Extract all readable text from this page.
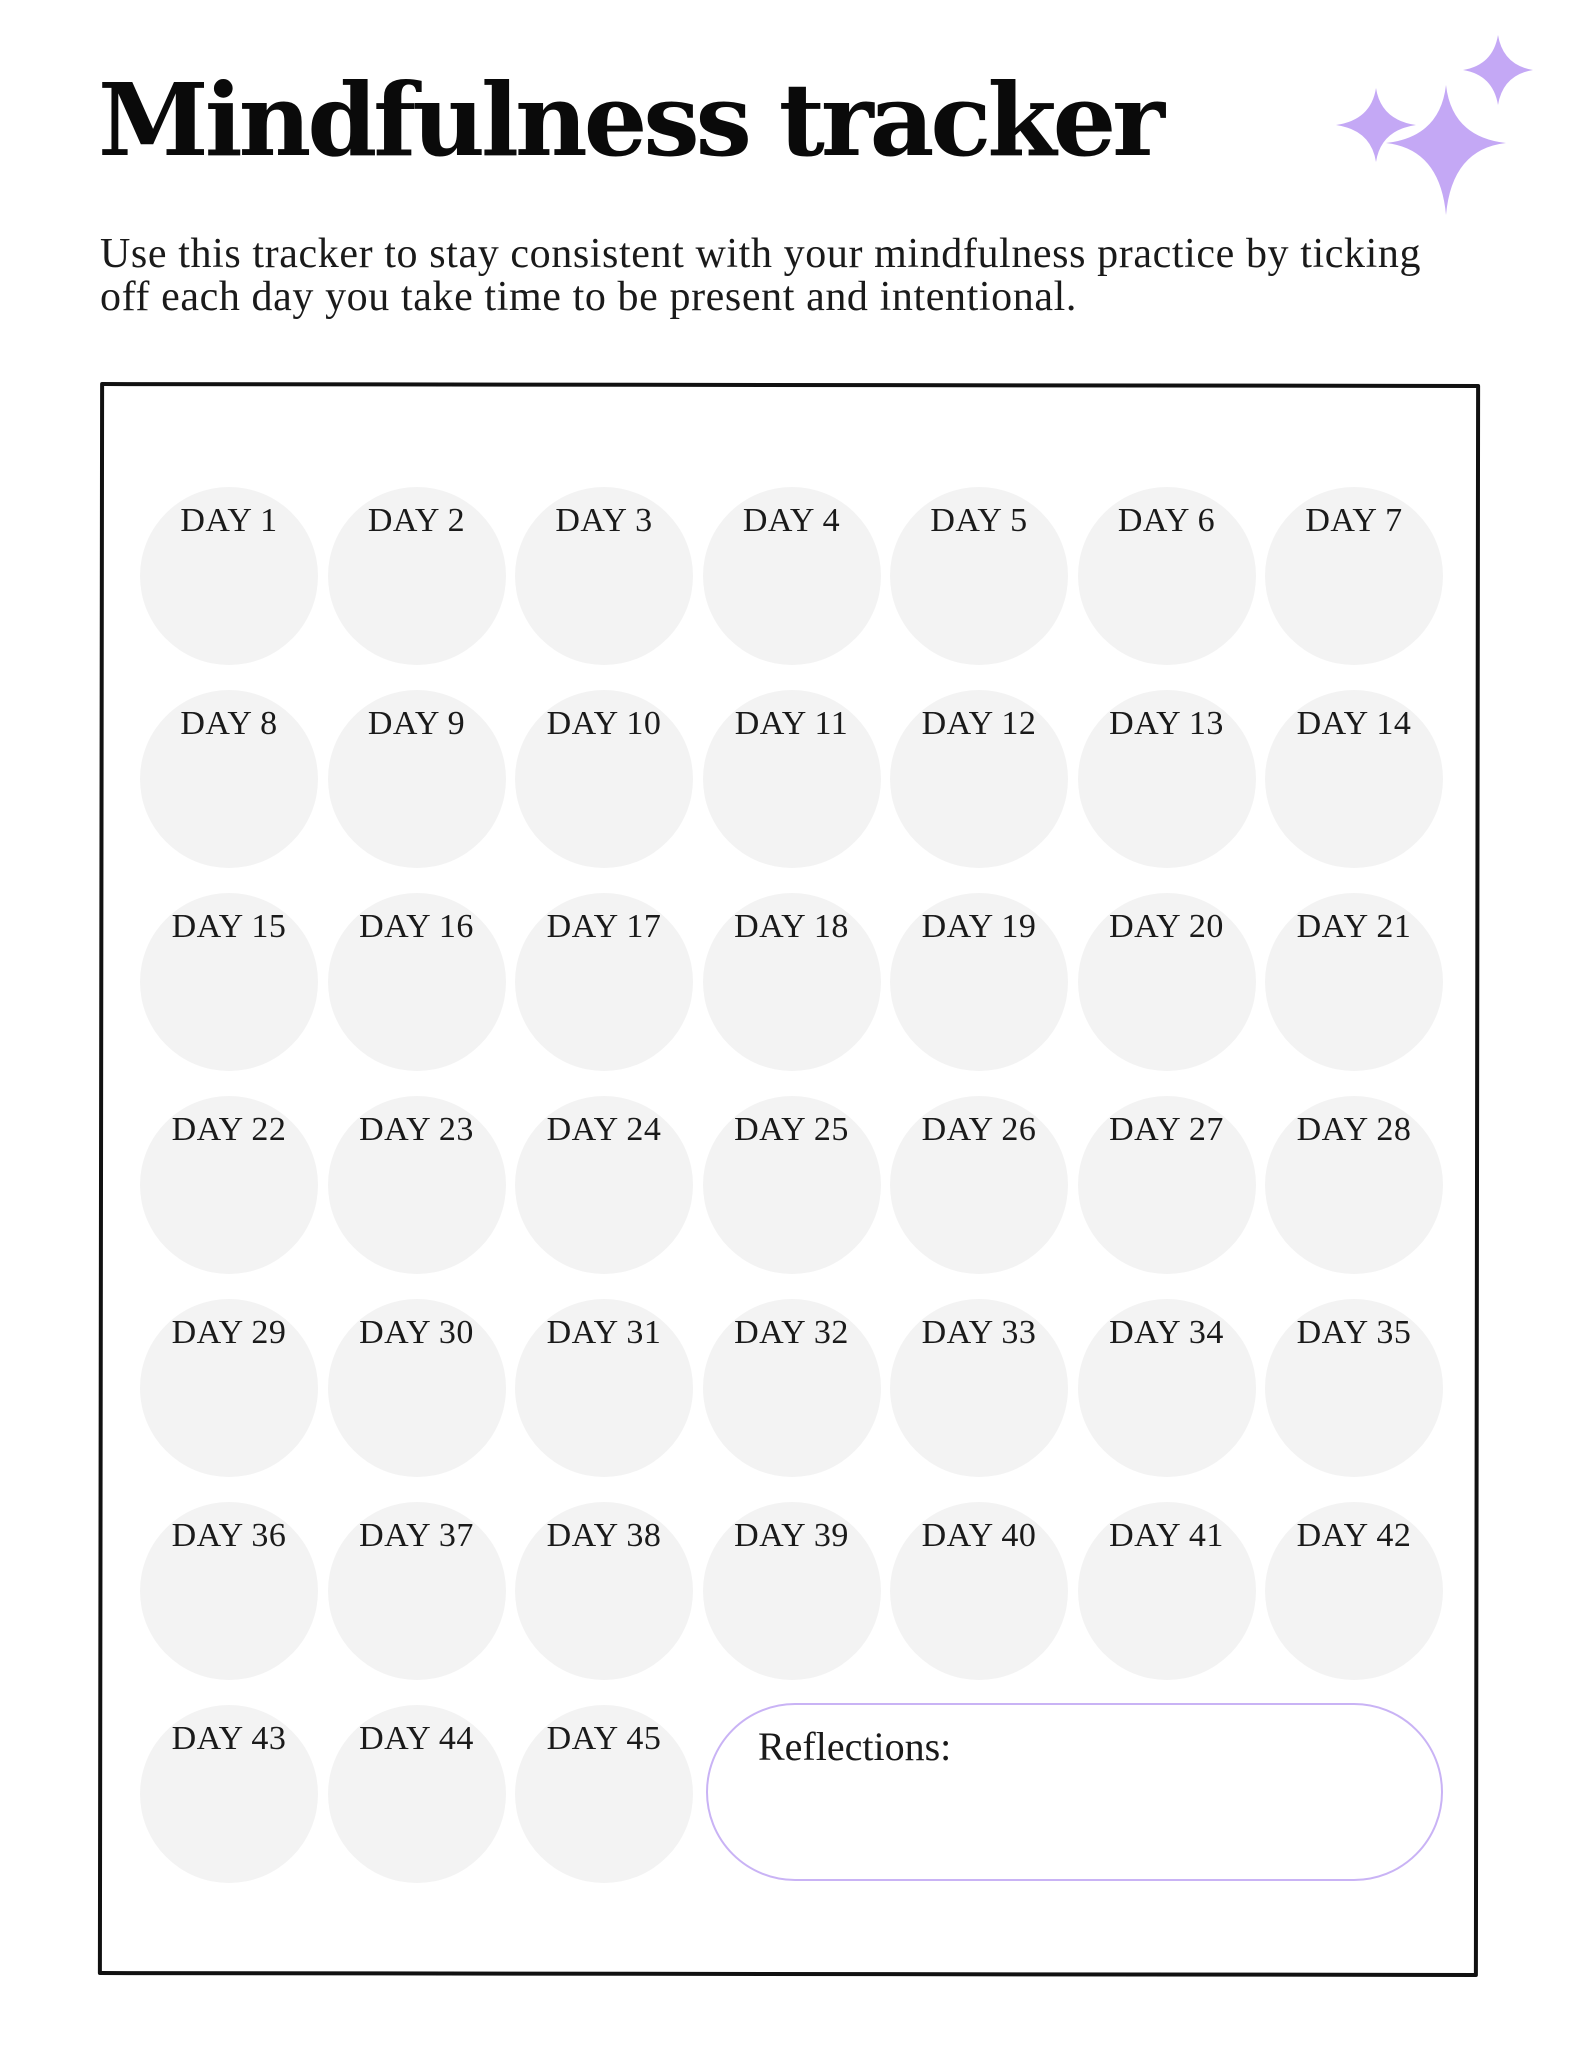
Mindfulness tracker
Use this tracker to stay consistent with your mindfulness practice by ticking off each day you take time to be present and intentional.
DAY 1	DAY 2	DAY 3	DAY 4	DAY 5	DAY 6	DAY 7
DAY 8	DAY 9	DAY 10	DAY 11	DAY 12	DAY 13	DAY 14
DAY 15	DAY 16	DAY 17	DAY 18	DAY 19	DAY 20	DAY 21
DAY 22	DAY 23	DAY 24	DAY 25	DAY 26	DAY 27	DAY 28
DAY 29	DAY 30	DAY 31	DAY 32	DAY 33	DAY 34	DAY 35
DAY 36	DAY 37	DAY 38	DAY 39	DAY 40	DAY 41	DAY 42
DAY 43	DAY 44	DAY 45	Reflections:
